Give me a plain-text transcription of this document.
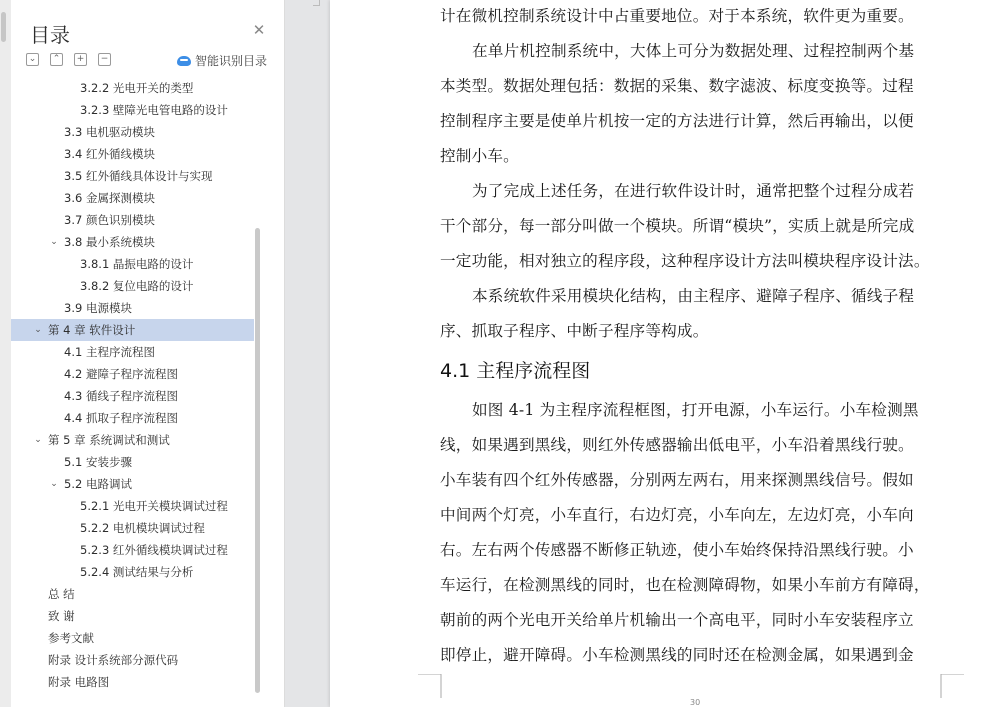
目录	✕
⌄	⌃	+	−	智能识别目录
3.2.2 光电开关的类型
3.2.3 壁障光电管电路的设计
3.3 电机驱动模块
3.4 红外循线模块
3.5 红外循线具体设计与实现
3.6 金属探测模块
3.7 颜色识别模块
⌄ 3.8 最小系统模块
3.8.1 晶振电路的设计
3.8.2 复位电路的设计
3.9 电源模块
⌄ 第 4 章 软件设计
4.1 主程序流程图
4.2 避障子程序流程图
4.3 循线子程序流程图
4.4 抓取子程序流程图
⌄ 第 5 章 系统调试和测试
5.1 安装步骤
⌄ 5.2 电路调试
5.2.1 光电开关模块调试过程
5.2.2 电机模块调试过程
5.2.3 红外循线模块调试过程
5.2.4 测试结果与分析
总 结
致 谢
参考文献
附录 设计系统部分源代码
附录 电路图
4.1 主程序流程图
30
计在微机控制系统设计中占重要地位。对于本系统，软件更为重要。
在单片机控制系统中，大体上可分为数据处理、过程控制两个基
本类型。数据处理包括：数据的采集、数字滤波、标度变换等。过程
控制程序主要是使单片机按一定的方法进行计算，然后再输出，以便
控制小车。
为了完成上述任务，在进行软件设计时，通常把整个过程分成若
干个部分，每一部分叫做一个模块。所谓“模块”，实质上就是所完成
一定功能，相对独立的程序段，这种程序设计方法叫模块程序设计法。
本系统软件采用模块化结构，由主程序、避障子程序、循线子程
序、抓取子程序、中断子程序等构成。
如图 4-1 为主程序流程框图，打开电源，小车运行。小车检测黑
线，如果遇到黑线，则红外传感器输出低电平，小车沿着黑线行驶。
小车装有四个红外传感器，分别两左两右，用来探测黑线信号。假如
中间两个灯亮，小车直行，右边灯亮，小车向左，左边灯亮，小车向
右。左右两个传感器不断修正轨迹，使小车始终保持沿黑线行驶。小
车运行，在检测黑线的同时，也在检测障碍物，如果小车前方有障碍，
朝前的两个光电开关给单片机输出一个高电平，同时小车安装程序立
即停止，避开障碍。小车检测黑线的同时还在检测金属，如果遇到金
